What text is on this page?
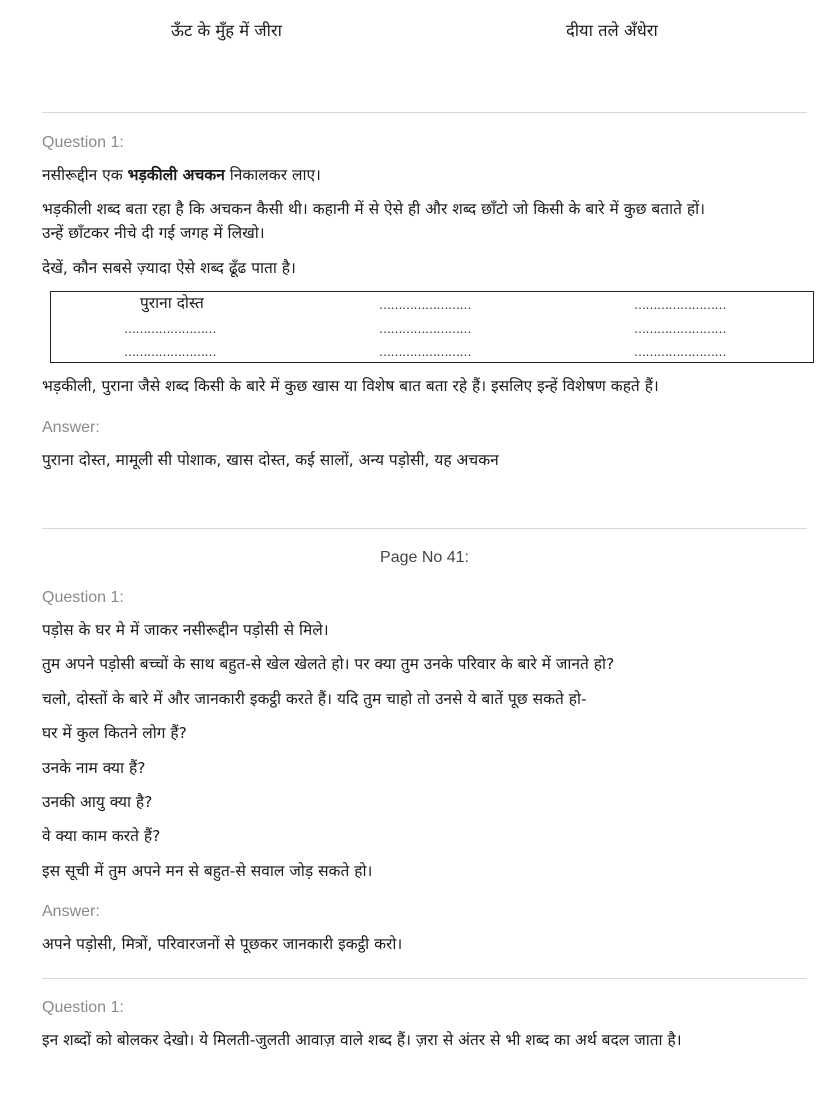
ऊँट के मुँह में जीरा	दीया तले अँधेरा
Question 1:
नसीरूद्दीन एक भड़कीली अचकन निकालकर लाए।
भड़कीली शब्द बता रहा है कि अचकन कैसी थी। कहानी में से ऐसे ही और शब्द छाँटो जो किसी के बारे में कुछ बताते हों।
उन्हें छाँटकर नीचे दी गई जगह में लिखो।
देखें, कौन सबसे ज़्यादा ऐसे शब्द ढूँढ पाता है।
पुराना दोस्त	……………………	……………………
……………………	……………………	……………………
……………………	……………………	……………………
भड़कीली, पुराना जैसे शब्द किसी के बारे में कुछ खास या विशेष बात बता रहे हैं। इसलिए इन्हें विशेषण कहते हैं।
Answer:
पुराना दोस्त, मामूली सी पोशाक, खास दोस्त, कई सालों, अन्य पड़ोसी, यह अचकन
Page No 41:
Question 1:
पड़ोस के घर मे में जाकर नसीरूद्दीन पड़ोसी से मिले।
तुम अपने पड़ोसी बच्चों के साथ बहुत-से खेल खेलते हो। पर क्या तुम उनके परिवार के बारे में जानते हो?
चलो, दोस्तों के बारे में और जानकारी इकट्ठी करते हैं। यदि तुम चाहो तो उनसे ये बातें पूछ सकते हो-
घर में कुल कितने लोग हैं?
उनके नाम क्या हैं?
उनकी आयु क्या है?
वे क्या काम करते हैं?
इस सूची में तुम अपने मन से बहुत-से सवाल जोड़ सकते हो।
Answer:
अपने पड़ोसी, मित्रों, परिवारजनों से पूछकर जानकारी इकट्ठी करो।
Question 1:
इन शब्दों को बोलकर देखो। ये मिलती-जुलती आवाज़ वाले शब्द हैं। ज़रा से अंतर से भी शब्द का अर्थ बदल जाता है।
